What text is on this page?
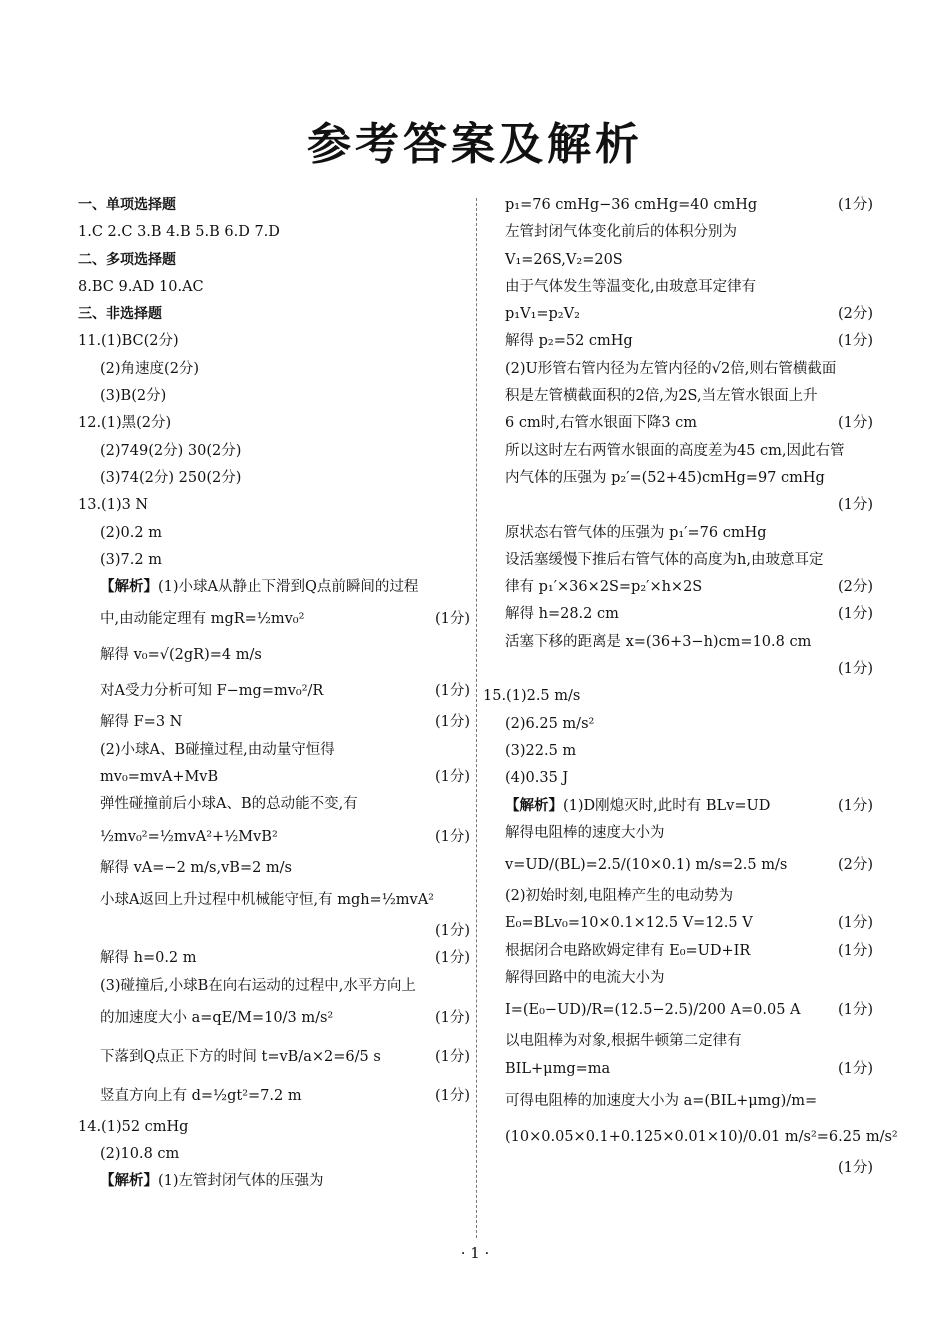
参考答案及解析
一、单项选择题
1.C 2.C 3.B 4.B 5.B 6.D 7.D
二、多项选择题
8.BC 9.AD 10.AC
三、非选择题
11.(1)BC(2分)
(2)角速度(2分)
(3)B(2分)
12.(1)黑(2分)
(2)749(2分) 30(2分)
(3)74(2分) 250(2分)
13.(1)3 N
(2)0.2 m
(3)7.2 m
【解析】(1)小球A从静止下滑到Q点前瞬间的过程
中,由动能定理有 mgR=½mv₀²	(1分)
解得 v₀=√(2gR)=4 m/s
对A受力分析可知 F−mg=mv₀²/R	(1分)
解得 F=3 N	(1分)
(2)小球A、B碰撞过程,由动量守恒得
mv₀=mvA+MvB	(1分)
弹性碰撞前后小球A、B的总动能不变,有
½mv₀²=½mvA²+½MvB²	(1分)
解得 vA=−2 m/s,vB=2 m/s
小球A返回上升过程中机械能守恒,有 mgh=½mvA²
(1分)
解得 h=0.2 m	(1分)
(3)碰撞后,小球B在向右运动的过程中,水平方向上
的加速度大小 a=qE/M=10/3 m/s²	(1分)
下落到Q点正下方的时间 t=vB/a×2=6/5 s	(1分)
竖直方向上有 d=½gt²=7.2 m	(1分)
14.(1)52 cmHg
(2)10.8 cm
【解析】(1)左管封闭气体的压强为
p₁=76 cmHg−36 cmHg=40 cmHg	(1分)
左管封闭气体变化前后的体积分别为
V₁=26S,V₂=20S
由于气体发生等温变化,由玻意耳定律有
p₁V₁=p₂V₂	(2分)
解得 p₂=52 cmHg	(1分)
(2)U形管右管内径为左管内径的√2倍,则右管横截面
积是左管横截面积的2倍,为2S,当左管水银面上升
6 cm时,右管水银面下降3 cm	(1分)
所以这时左右两管水银面的高度差为45 cm,因此右管
内气体的压强为 p₂′=(52+45)cmHg=97 cmHg
(1分)
原状态右管气体的压强为 p₁′=76 cmHg
设活塞缓慢下推后右管气体的高度为h,由玻意耳定
律有 p₁′×36×2S=p₂′×h×2S	(2分)
解得 h=28.2 cm	(1分)
活塞下移的距离是 x=(36+3−h)cm=10.8 cm
(1分)
15.(1)2.5 m/s
(2)6.25 m/s²
(3)22.5 m
(4)0.35 J
【解析】(1)D刚熄灭时,此时有 BLv=UD	(1分)
解得电阻棒的速度大小为
v=UD/(BL)=2.5/(10×0.1) m/s=2.5 m/s	(2分)
(2)初始时刻,电阻棒产生的电动势为
E₀=BLv₀=10×0.1×12.5 V=12.5 V	(1分)
根据闭合电路欧姆定律有 E₀=UD+IR	(1分)
解得回路中的电流大小为
I=(E₀−UD)/R=(12.5−2.5)/200 A=0.05 A	(1分)
以电阻棒为对象,根据牛顿第二定律有
BIL+μmg=ma	(1分)
可得电阻棒的加速度大小为 a=(BIL+μmg)/m=
(10×0.05×0.1+0.125×0.01×10)/0.01 m/s²=6.25 m/s²
(1分)
· 1 ·
